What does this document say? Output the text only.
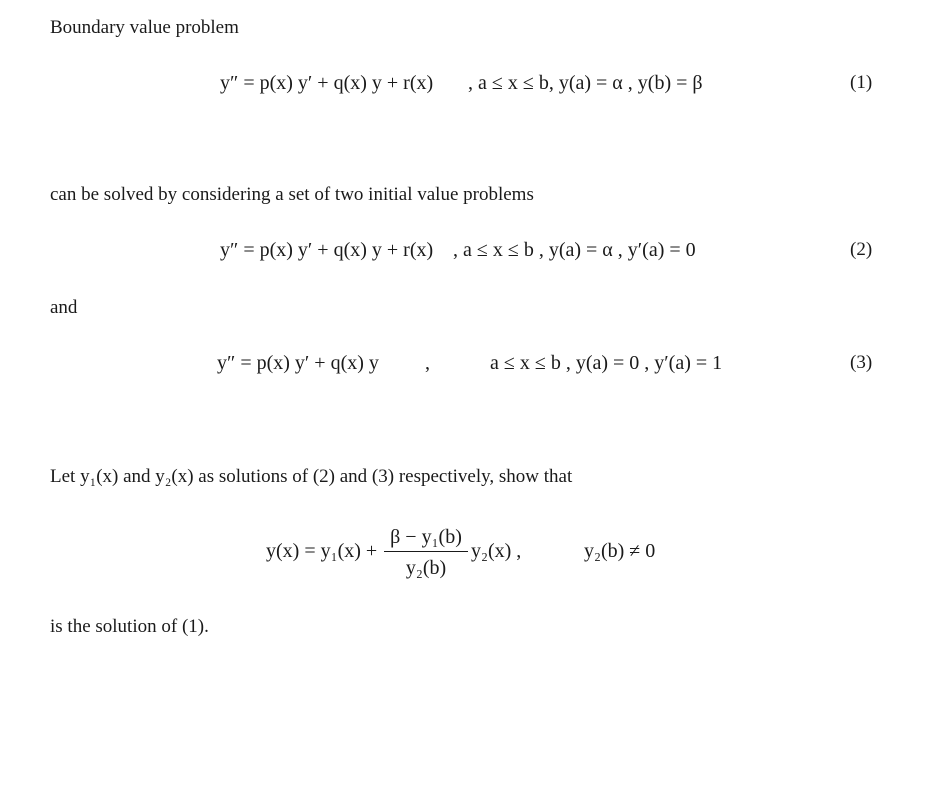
Boundary value problem
y″ = p(x) y′ + q(x) y + r(x) , a ≤ x ≤ b, y(a) = α , y(b) = β	(1)
can be solved by considering a set of two initial value problems
y″ = p(x) y′ + q(x) y + r(x) , a ≤ x ≤ b , y(a) = α , y′(a) = 0	(2)
and
y″ = p(x) y′ + q(x) y ,	a ≤ x ≤ b , y(a) = 0 , y′(a) = 1	(3)
Let y₁(x) and y₂(x) as solutions of (2) and (3) respectively, show that
y(x) = y₁(x) +
β − y₁(b)
y₂(b)
y₂(x) ,	y₂(b) ≠ 0
is the solution of (1).
